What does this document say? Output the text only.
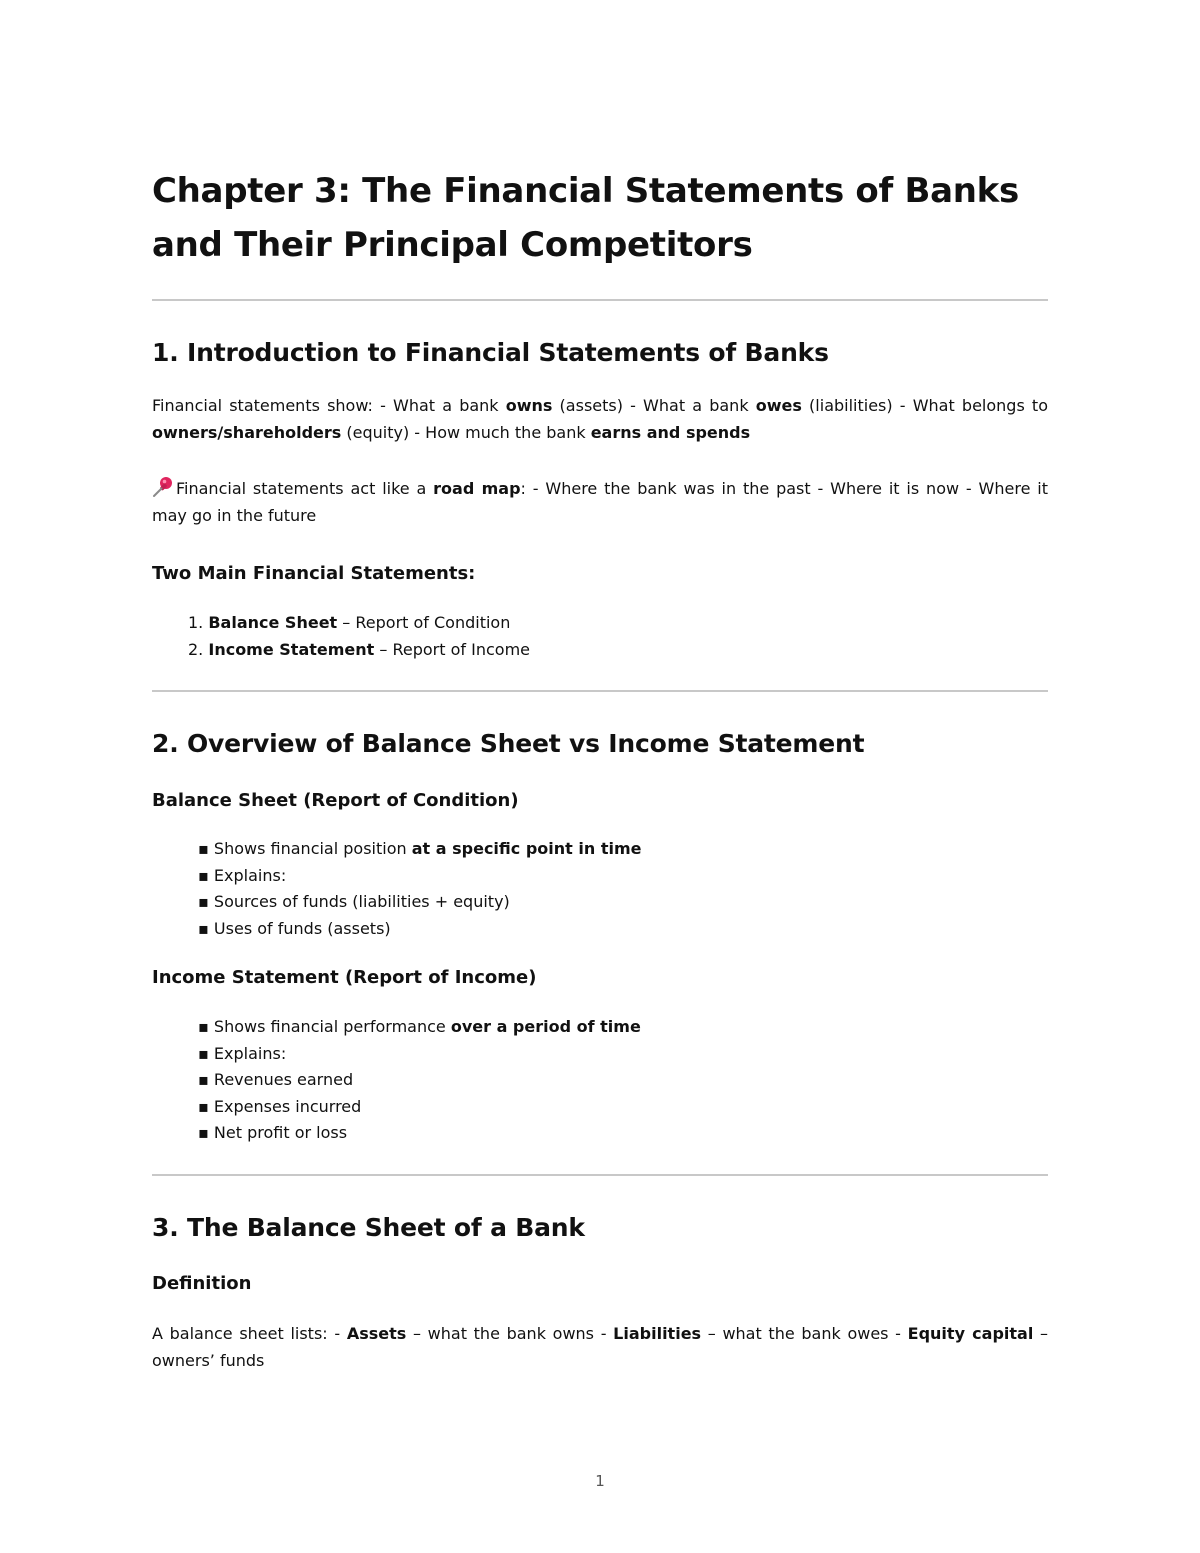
Chapter 3: The Financial Statements of Banks and Their Principal Competitors
1. Introduction to Financial Statements of Banks

Financial statements show: - What a bank owns (assets) - What a bank owes (liabilities) - What belongs to owners/shareholders (equity) - How much the bank earns and spends

Financial statements act like a road map: - Where the bank was in the past - Where it is now - Where it may go in the future

Two Main Financial Statements:
1. Balance Sheet – Report of Condition
2. Income Statement – Report of Income
2. Overview of Balance Sheet vs Income Statement
Balance Sheet (Report of Condition)
▪ Shows financial position at a specific point in time
▪ Explains:
▪ Sources of funds (liabilities + equity)
▪ Uses of funds (assets)
Income Statement (Report of Income)
▪ Shows financial performance over a period of time
▪ Explains:
▪ Revenues earned
▪ Expenses incurred
▪ Net profit or loss
3. The Balance Sheet of a Bank
Definition

A balance sheet lists: - Assets – what the bank owns - Liabilities – what the bank owes - Equity capital – owners’ funds

1
